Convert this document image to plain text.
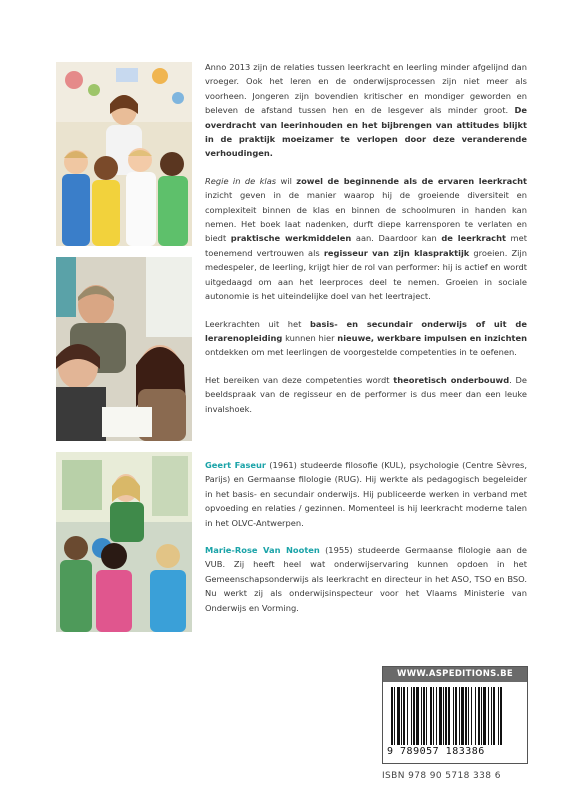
Anno 2013 zijn de relaties tussen leerkracht en leerling minder afgelijnd dan vroeger. Ook het leren en de onderwijsprocessen zijn niet meer als voorheen. Jongeren zijn bovendien kritischer en mondiger geworden en beleven de afstand tussen hen en de lesgever als minder groot. De overdracht van leerinhouden en het bijbrengen van attitudes blijkt in de praktijk moeizamer te verlopen door deze veranderende verhoudingen.

Regie in de klas wil zowel de beginnende als de ervaren leerkracht inzicht geven in de manier waarop hij de groeiende diversiteit en complexiteit binnen de klas en binnen de schoolmuren in handen kan nemen. Het boek laat nadenken, durft diepe karrensporen te verlaten en biedt praktische werkmiddelen aan. Daardoor kan de leerkracht met toenemend vertrouwen als regisseur van zijn klaspraktijk groeien. Zijn medespeler, de leerling, krijgt hier de rol van performer: hij is actief en wordt uitgedaagd om aan het leerproces deel te nemen. Groeien in sociale autonomie is het uiteindelijke doel van het leertraject.

Leerkrachten uit het basis- en secundair onderwijs of uit de lerarenopleiding kunnen hier nieuwe, werkbare impulsen en inzichten ontdekken om met leerlingen de voorgestelde competenties in te oefenen.

Het bereiken van deze competenties wordt theoretisch onderbouwd. De beeldspraak van de regisseur en de performer is dus meer dan een leuke invalshoek.

Geert Faseur (1961) studeerde filosofie (KUL), psychologie (Centre Sèvres, Parijs) en Germaanse filologie (RUG). Hij werkte als pedagogisch begeleider in het basis- en secundair onderwijs. Hij publiceerde werken in verband met opvoeding en relaties / gezinnen. Momenteel is hij leerkracht moderne talen in het OLVC-Antwerpen.

Marie-Rose Van Nooten (1955) studeerde Germaanse filologie aan de VUB. Zij heeft heel wat onderwijservaring kunnen opdoen in het Gemeenschapsonderwijs als leerkracht en directeur in het ASO, TSO en BSO. Nu werkt zij als onderwijsinspecteur voor het Vlaams Ministerie van Onderwijs en Vorming.

WWW.ASPEDITIONS.BE
9 789057 183386
ISBN 978 90 5718 338 6
